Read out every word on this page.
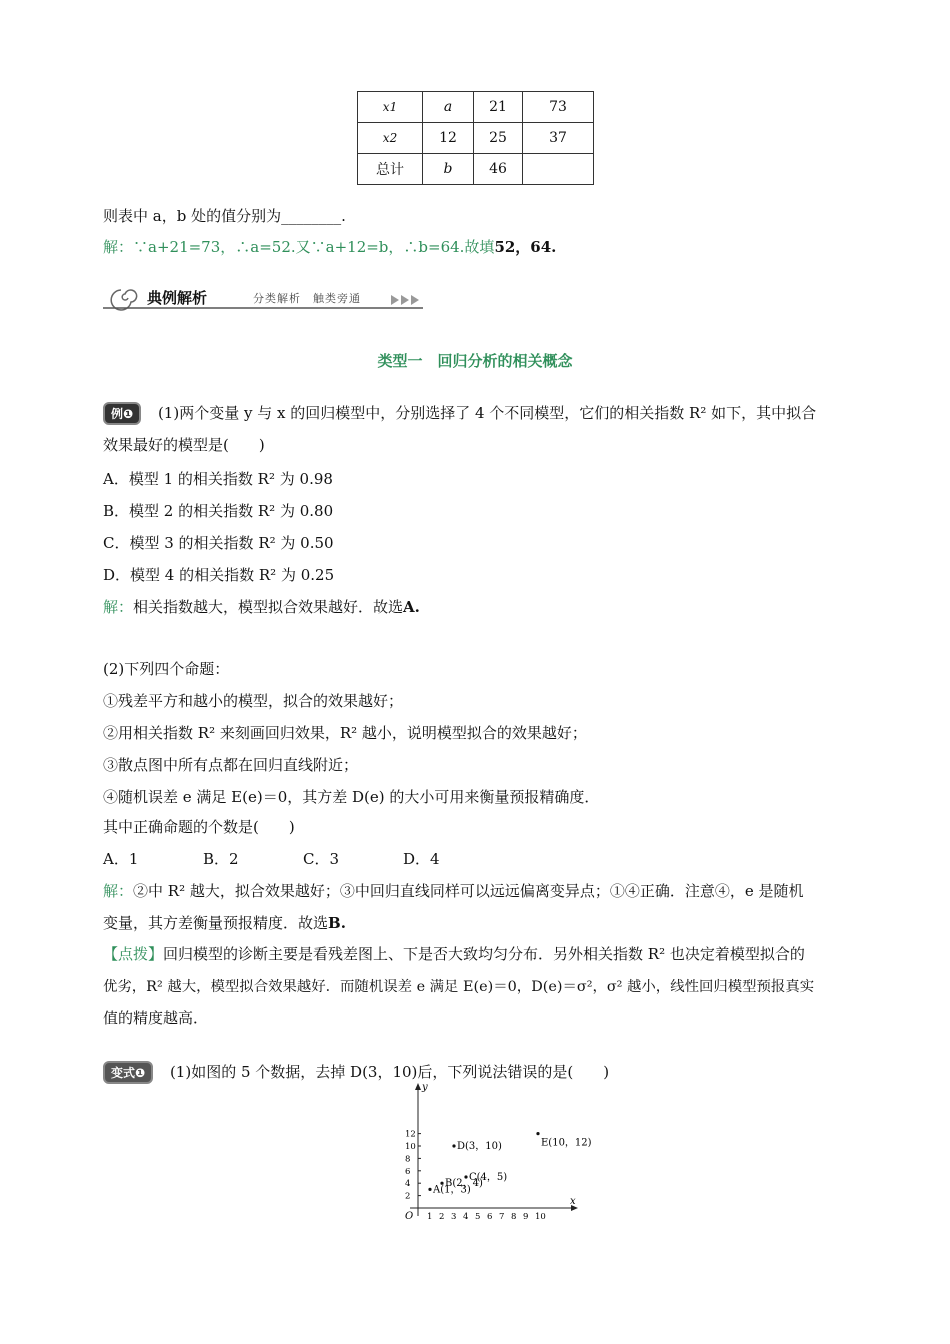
x1	a	21	73
x2	12	25	37
总计	b	46	
则表中 a，b 处的值分别为________.
解：∵a+21=73，∴a=52.又∵a+12=b，∴b=64.故填52，64.
典例解析	分类解析　触类旁通
类型一　回归分析的相关概念
例❶ (1)两个变量 y 与 x 的回归模型中，分别选择了 4 个不同模型，它们的相关指数 R² 如下，其中拟合
效果最好的模型是(　　)
A．模型 1 的相关指数 R² 为 0.98
B．模型 2 的相关指数 R² 为 0.80
C．模型 3 的相关指数 R² 为 0.50
D．模型 4 的相关指数 R² 为 0.25
解：相关指数越大，模型拟合效果越好．故选A.
(2)下列四个命题：
①残差平方和越小的模型，拟合的效果越好；
②用相关指数 R² 来刻画回归效果，R² 越小，说明模型拟合的效果越好；
③散点图中所有点都在回归直线附近；
④随机误差 e 满足 E(e)＝0，其方差 D(e) 的大小可用来衡量预报精确度．
其中正确命题的个数是(　　)
A．1	B．2	C．3	D．4
解：②中 R² 越大，拟合效果越好；③中回归直线同样可以远远偏离变异点；①④正确．注意④，e 是随机
变量，其方差衡量预报精度．故选B.
【点拨】回归模型的诊断主要是看残差图上、下是否大致均匀分布．另外相关指数 R² 也决定着模型拟合的
优劣，R² 越大，模型拟合效果越好．而随机误差 e 满足 E(e)＝0，D(e)＝σ²，σ² 越小，线性回归模型预报真实
值的精度越高．
变式❶ (1)如图的 5 个数据，去掉 D(3，10)后，下列说法错误的是(　　)
x
y
O 1 2 3 4 5 6 7 8 9 10
2
4
6
8
10
12
A(1，3)
B(2，4)
C(4，5)
D(3，10)	E(10，12)
